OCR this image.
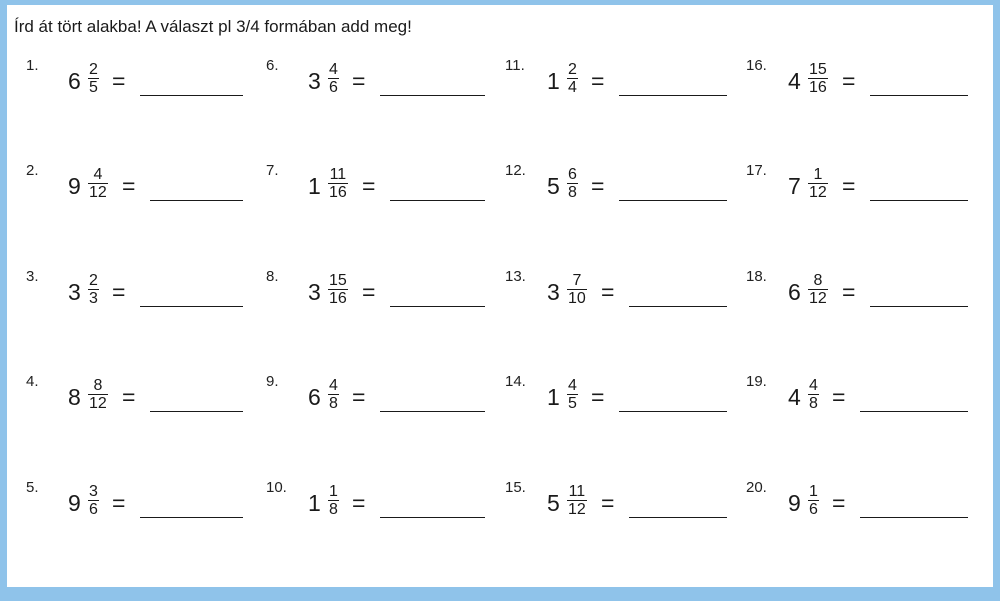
Írd át tört alakba! A választ pl 3/4 formában add meg!
1.
6 2
5 =
2.
9 4
12 =
3.
3 2
3 =
4.
8 8
12 =
5.
9 3
6 =
6.
3 4
6 =
7.
1 11
16 =
8.
3 15
16 =
9.
6 4
8 =
10.
1 1
8 =
11.
1 2
4 =
12.
5 6
8 =
13.
3 7
10 =
14.
1 4
5 =
15.
5 11
12 =
16.
4 15
16 =
17.
7 1
12 =
18.
6 8
12 =
19.
4 4
8 =
20.
9 1
6 =
